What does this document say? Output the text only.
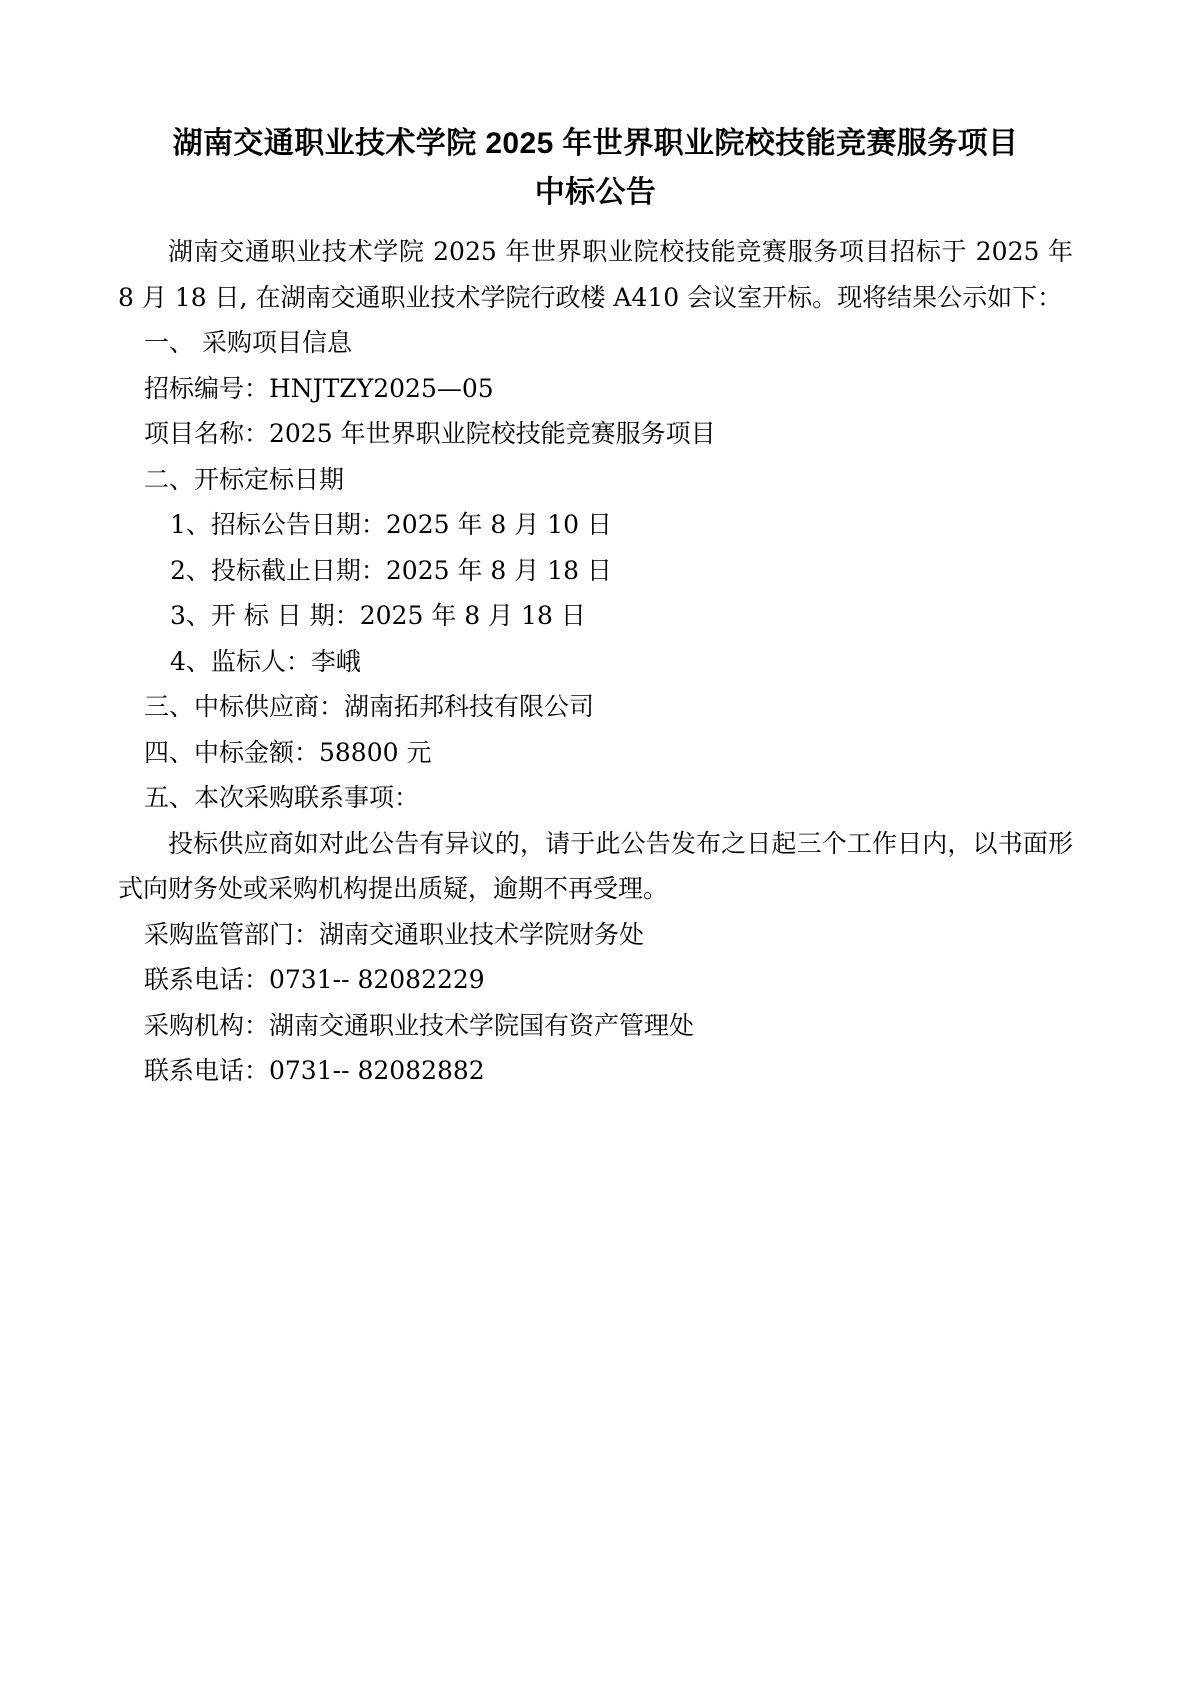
湖南交通职业技术学院 2025 年世界职业院校技能竞赛服务项目
中标公告

湖南交通职业技术学院 2025 年世界职业院校技能竞赛服务项目招标于 2025 年 8 月 18 日, 在湖南交通职业技术学院行政楼 A410 会议室开标。现将结果公示如下：

一、 采购项目信息

招标编号：HNJTZY2025—05

项目名称：2025 年世界职业院校技能竞赛服务项目

二、开标定标日期

1、招标公告日期：2025 年 8 月 10 日

2、投标截止日期：2025 年 8 月 18 日

3、开 标 日 期：2025 年 8 月 18 日

4、监标人：李峨

三、中标供应商：湖南拓邦科技有限公司

四、中标金额：58800 元

五、本次采购联系事项：

投标供应商如对此公告有异议的，请于此公告发布之日起三个工作日内，以书面形式向财务处或采购机构提出质疑，逾期不再受理。

采购监管部门：湖南交通职业技术学院财务处

联系电话：0731-- 82082229

采购机构：湖南交通职业技术学院国有资产管理处

联系电话：0731-- 82082882
